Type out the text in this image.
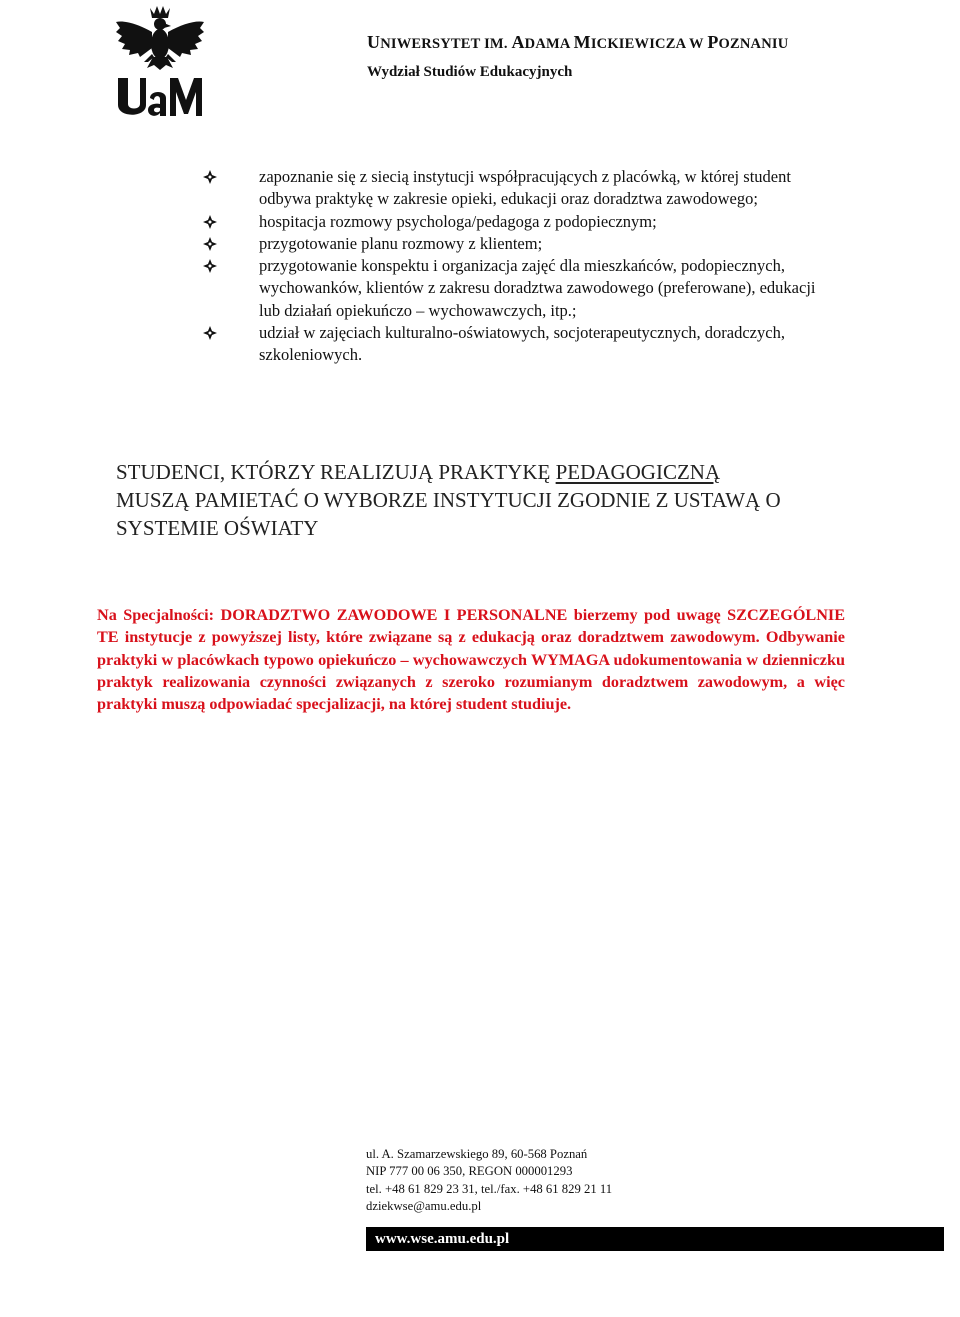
UNIWERSYTET IM. ADAMA MICKIEWICZA W POZNANIU
Wydział Studiów Edukacyjnych
zapoznanie się z siecią instytucji współpracujących z placówką, w której student odbywa praktykę w zakresie opieki, edukacji oraz doradztwa zawodowego;
hospitacja rozmowy psychologa/pedagoga z podopiecznym;
przygotowanie planu rozmowy z klientem;
przygotowanie konspektu i organizacja zajęć dla mieszkańców, podopiecznych, wychowanków, klientów z zakresu doradztwa zawodowego (preferowane), edukacji lub działań opiekuńczo – wychowawczych, itp.;
udział w zajęciach kulturalno-oświatowych, socjoterapeutycznych, doradczych, szkoleniowych.

STUDENCI, KTÓRZY REALIZUJĄ PRAKTYKĘ PEDAGOGICZNĄ
MUSZĄ PAMIETAĆ O WYBORZE INSTYTUCJI ZGODNIE Z USTAWĄ O SYSTEMIE OŚWIATY

Na Specjalności: DORADZTWO ZAWODOWE I PERSONALNE bierzemy pod uwagę SZCZEGÓLNIE TE instytucje z powyższej listy, które związane są z edukacją oraz doradztwem zawodowym. Odbywanie praktyki w placówkach typowo opiekuńczo – wychowawczych WYMAGA udokumentowania w dzienniczku praktyk realizowania czynności związanych z szeroko rozumianym doradztwem zawodowym, a więc praktyki muszą odpowiadać specjalizacji, na której student studiuje.

ul. A. Szamarzewskiego 89, 60-568 Poznań
NIP 777 00 06 350, REGON 000001293
tel. +48 61 829 23 31, tel./fax. +48 61 829 21 11
dziekwse@amu.edu.pl
www.wse.amu.edu.pl
